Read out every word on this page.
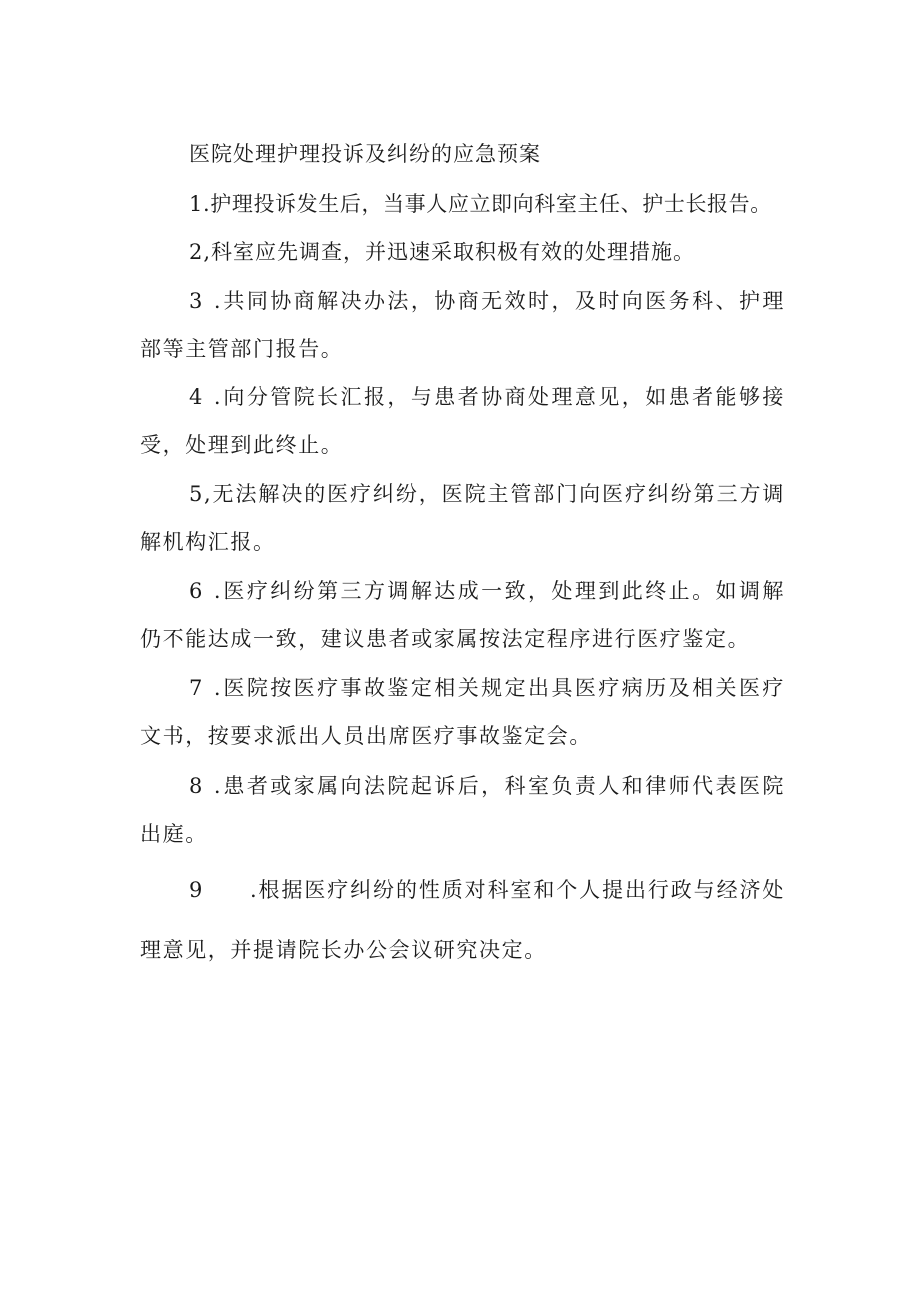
医院处理护理投诉及纠纷的应急预案

1.护理投诉发生后，当事人应立即向科室主任、护士长报告。

2,科室应先调查，并迅速采取积极有效的处理措施。

3 .共同协商解决办法，协商无效时，及时向医务科、护理部等主管部门报告。

4 .向分管院长汇报，与患者协商处理意见，如患者能够接受，处理到此终止。

5,无法解决的医疗纠纷，医院主管部门向医疗纠纷第三方调解机构汇报。

6 .医疗纠纷第三方调解达成一致，处理到此终止。如调解仍不能达成一致，建议患者或家属按法定程序进行医疗鉴定。

7 .医院按医疗事故鉴定相关规定出具医疗病历及相关医疗文书，按要求派出人员出席医疗事故鉴定会。

8 .患者或家属向法院起诉后，科室负责人和律师代表医院出庭。

9 .根据医疗纠纷的性质对科室和个人提出行政与经济处理意见，并提请院长办公会议研究决定。
